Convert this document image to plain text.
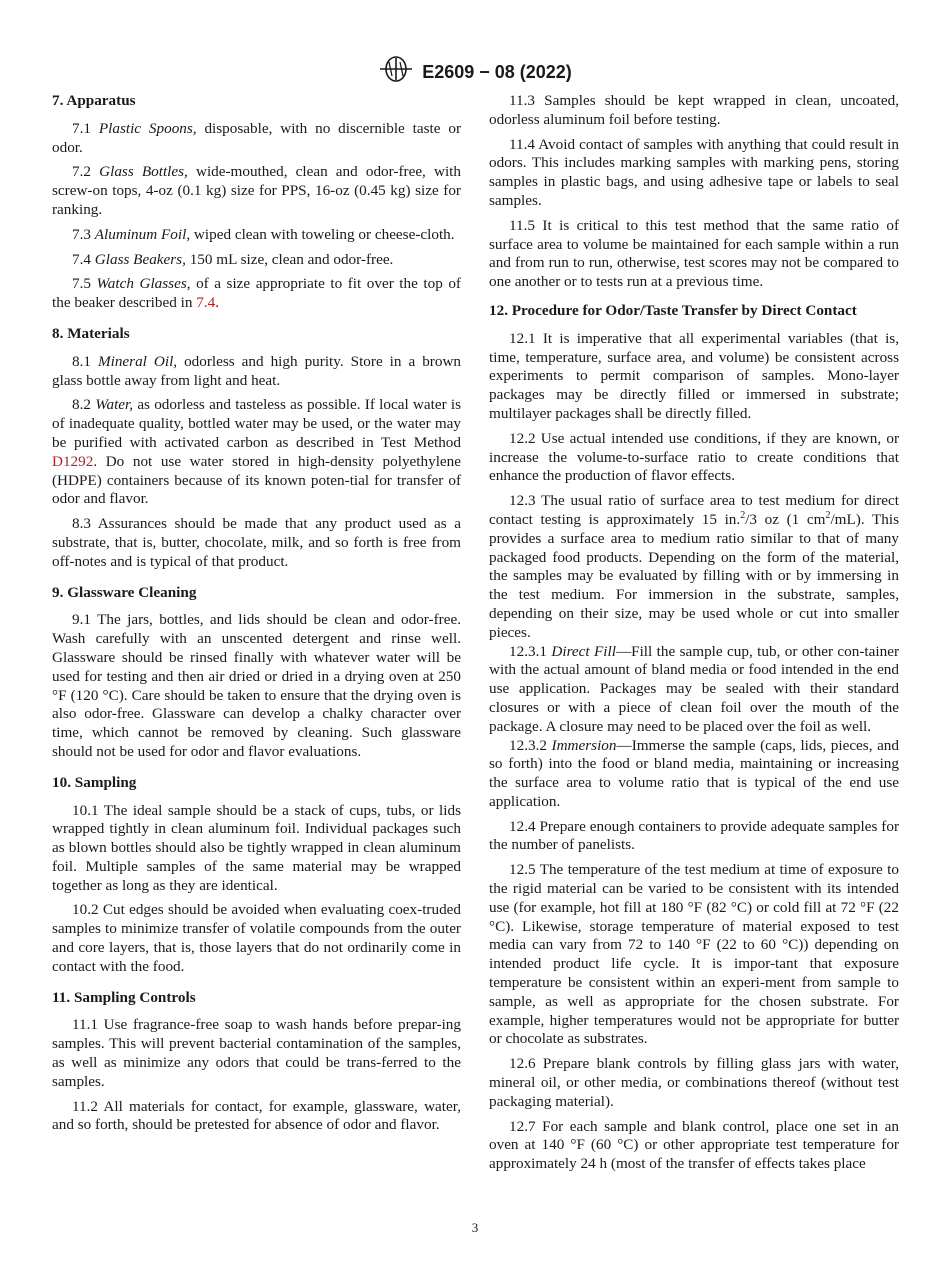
E2609 − 08 (2022)
7. Apparatus

7.1 Plastic Spoons, disposable, with no discernible taste or odor.

7.2 Glass Bottles, wide-mouthed, clean and odor-free, with screw-on tops, 4-oz (0.1 kg) size for PPS, 16-oz (0.45 kg) size for ranking.

7.3 Aluminum Foil, wiped clean with toweling or cheese-cloth.

7.4 Glass Beakers, 150 mL size, clean and odor-free.

7.5 Watch Glasses, of a size appropriate to fit over the top of the beaker described in 7.4.

8. Materials

8.1 Mineral Oil, odorless and high purity. Store in a brown glass bottle away from light and heat.

8.2 Water, as odorless and tasteless as possible. If local water is of inadequate quality, bottled water may be used, or the water may be purified with activated carbon as described in Test Method D1292. Do not use water stored in high-density polyethylene (HDPE) containers because of its known poten-tial for transfer of odor and flavor.

8.3 Assurances should be made that any product used as a substrate, that is, butter, chocolate, milk, and so forth is free from off-notes and is typical of that product.

9. Glassware Cleaning

9.1 The jars, bottles, and lids should be clean and odor-free. Wash carefully with an unscented detergent and rinse well. Glassware should be rinsed finally with whatever water will be used for testing and then air dried or dried in a drying oven at 250 °F (120 °C). Care should be taken to ensure that the drying oven is also odor-free. Glassware can develop a chalky character over time, which cannot be removed by cleaning. Such glassware should not be used for odor and flavor evaluations.

10. Sampling

10.1 The ideal sample should be a stack of cups, tubs, or lids wrapped tightly in clean aluminum foil. Individual packages such as blown bottles should also be tightly wrapped in clean aluminum foil. Multiple samples of the same material may be wrapped together as long as they are identical.

10.2 Cut edges should be avoided when evaluating coex-truded samples to minimize transfer of volatile compounds from the outer and core layers, that is, those layers that do not ordinarily come in contact with the food.

11. Sampling Controls

11.1 Use fragrance-free soap to wash hands before prepar-ing samples. This will prevent bacterial contamination of the samples, as well as minimize any odors that could be trans-ferred to the samples.

11.2 All materials for contact, for example, glassware, water, and so forth, should be pretested for absence of odor and flavor.

11.3 Samples should be kept wrapped in clean, uncoated, odorless aluminum foil before testing.

11.4 Avoid contact of samples with anything that could result in odors. This includes marking samples with marking pens, storing samples in plastic bags, and using adhesive tape or labels to seal samples.

11.5 It is critical to this test method that the same ratio of surface area to volume be maintained for each sample within a run and from run to run, otherwise, test scores may not be compared to one another or to tests run at a previous time.

12. Procedure for Odor/Taste Transfer by Direct Contact

12.1 It is imperative that all experimental variables (that is, time, temperature, surface area, and volume) be consistent across experiments to permit comparison of samples. Mono-layer packages may be directly filled or immersed in substrate; multilayer packages shall be directly filled.

12.2 Use actual intended use conditions, if they are known, or increase the volume-to-surface ratio to create conditions that enhance the production of flavor effects.

12.3 The usual ratio of surface area to test medium for direct contact testing is approximately 15 in.$^2$/3 oz (1 $cm^2/mL$). This provides a surface area to medium ratio similar to that of many packaged food products. Depending on the form of the material, the samples may be evaluated by filling with or by immersing in the test medium. For immersion in the substrate, samples, depending on their size, may be used whole or cut into smaller pieces.

12.3.1 Direct Fill—Fill the sample cup, tub, or other con-tainer with the actual amount of bland media or food intended in the end use application. Packages may be sealed with their standard closures or with a piece of clean foil over the mouth of the package. A closure may need to be placed over the foil as well.

12.3.2 Immersion—Immerse the sample (caps, lids, pieces, and so forth) into the food or bland media, maintaining or increasing the surface area to volume ratio that is typical of the end use application.

12.4 Prepare enough containers to provide adequate samples for the number of panelists.

12.5 The temperature of the test medium at time of exposure to the rigid material can be varied to be consistent with its intended use (for example, hot fill at 180 °F (82 °C) or cold fill at 72 °F (22 °C). Likewise, storage temperature of material exposed to test media can vary from 72 to 140 °F (22 to 60 °C)) depending on intended product life cycle. It is impor-tant that exposure temperature be consistent within an experi-ment from sample to sample, as well as appropriate for the chosen substrate. For example, higher temperatures would not be appropriate for butter or chocolate as substrates.

12.6 Prepare blank controls by filling glass jars with water, mineral oil, or other media, or combinations thereof (without test packaging material).

12.7 For each sample and blank control, place one set in an oven at 140 °F (60 °C) or other appropriate test temperature for approximately 24 h (most of the transfer of effects takes place

3
